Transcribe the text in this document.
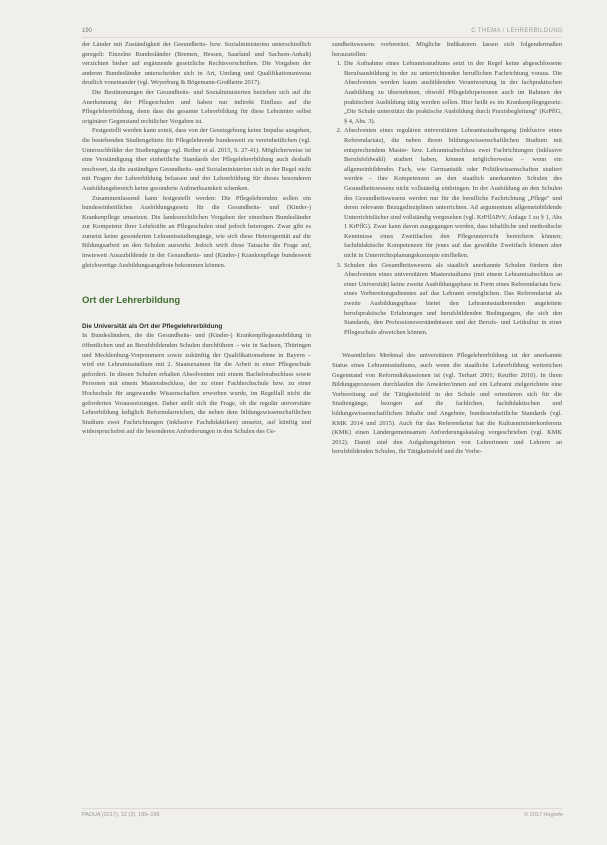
190	C THEMA / LEHRERBILDUNG

der Länder mit Zuständigkeit der Gesundheits- bzw. Sozialministerien unterschiedlich geregelt: Einzelne Bundesländer (Bremen, Hessen, Saarland und Sachsen-Anhalt) verzichten bisher auf ergänzende gesetzliche Rechtsvorschriften. Die Vorgaben der anderen Bundesländer unterscheiden sich in Art, Umfang und Qualifikationsniveau deutlich voneinander (vgl. Weyerburg & Bögemann-Großheim 2017).

Die Bestimmungen der Gesundheits- und Sozialministerien beziehen sich auf die Anerkennung der Pflegeschulen und haben nur indirekt Einfluss auf die Pflegelehrerbildung, denn dass die gesamte Lehrerbildung für diese Lehrämter selbst originärer Gegenstand rechtlicher Vorgaben ist.

Festgestellt werden kann somit, dass von der Gesetzgebung keine Impulse ausgehen, die bestehenden Studiengebiete für Pflegelehrende bundesweit zu vereinheitlichen (vgl. Untersuchbilder der Studiengänge vgl. Reiber et al. 2015, S. 27-41). Möglicherweise ist eine Verständigung über einheitliche Standards der Pflegelehrerbildung auch deshalb erschwert, da die zuständigen Gesundheits- und Sozialministerien sich in der Regel nicht mit Fragen der Lehrerbildung befassen und der Lehrerbildung für dieses besonderen Ausbildungsbereich keine gesonderte Aufmerksamkeit schenken.

Zusammenfassend kann festgestellt werden: Die Pflegelehrenden sollen ein bundeseinheitliches Ausbildungsgesetz für die Gesundheits- und (Kinder-) Krankenpflege umsetzen. Die landesrechtlichen Vorgaben der einzelnen Bundesländer zur Kompetenz ihrer Lehrkräfte an Pflegeschulen sind jedoch heterogen. Zwar gibt es zumeist keine gesonderten Lehramtsstudiengänge, wie sich diese Heterogenität auf die Bildungsarbeit an den Schulen auswirkt. Jedoch wirft diese Tatsache die Frage auf, inwieweit Auszubildende in der Gesundheits- und (Kinder-) Krankenpflege bundesweit gleichwertige Ausbildungsangebote bekommen können.

Ort der Lehrerbildung
Die Universität als Ort der Pflegelehrerbildung

In Bundesländern, die die Gesundheits- und (Kinder-) Krankenpflegeausbildung in öffentlichen und an Berufsbildenden Schulen durchführen – wie in Sachsen, Thüringen und Mecklenburg-Vorpommern sowie zukünftig der Qualifikationsebene in Bayern – wird ein Lehramtsstudium mit 2. Staatsexamen für die Arbeit in einer Pflegeschule gefordert. In diesen Schulen erhalten Absolventen mit einem Bachelorabschluss sowie Personen mit einem Masterabschluss, der zu einer Fachhochschule bzw. zu einer Hochschule für angewandte Wissenschaften erworben wurde, im Regelfall nicht die geforderten Voraussetzungen. Daher stellt sich die Frage, ob die regulär universitäre Lehrerbildung lediglich Reformdarreichen, die neben dem bildungswissenschaftlichen Studium zwei Fachrichtungen (inklusive Fachdidaktiken) umsetzt, auf künftig und widerspruchsfrei auf die besonderen Anforderungen in den Schulen des Ge-

sundheitswesens vorbereitet. Mögliche Indikatoren lassen sich folgendermaßen herausstellen:

1. Die Aufnahme eines Lehramtsstudiums setzt in der Regel keine abgeschlossene Berufsausbildung in der zu unterrichtenden beruflichen Fachrichtung voraus. Die Absolventen werden kaum ausbildenden Verantwortung in der fachpraktischen Ausbildung zu übernehmen, obwohl Pflegelehrpersonen auch im Rahmen der praktischen Ausbildung tätig werden sollen. Hier heißt es im Krankenpflegegesetz: „Die Schule unterstützt die praktische Ausbildung durch Praxisbegleitung" (KrPflG, § 4, Abs. 3).
2. Absolventen eines regulären universitären Lehramtsstudiengang (inklusive eines Referendariats), die neben ihrem bildungswissenschaftlichen Studium mit entsprechendem Master- bzw. Lehramtsabschluss zwei Fachrichtungen (inklusive Berufsfeldwahl) studiert haben, können möglicherweise – wenn ein allgemeinbildendes Fach, wie Germanistik oder Politikwissenschaften studiert werden – ihre Kompetenzen an den staatlich anerkannten Schulen des Gesundheitswesens nicht vollständig einbringen. In der Ausbildung an den Schulen des Gesundheitswesens werden nur für die berufliche Fachrichtung „Pflege" und deren relevante Bezugsdisziplinen unterrichten. Ad argumentum allgemeinbildende Unterrichtsfächer sind vollständig vorgesehen (vgl. KrPflAPrV, Anlage 1 zu § 1, Abs 1 KrPflG). Zwar kann davon ausgegangen werden, dass inhaltliche und methodische Kenntnisse eines Zweitfaches den Pflegeunterricht bereichern können; fachdidaktische Kompetenzen für jenes auf das gewählte Zweitfach können aber nicht in Unterrichtsplanungskonzepte einfließen.
3. Schulen des Gesundheitswesens als staatlich anerkannte Schulen fördern den Absolventen eines universitären Masterstudiums (mit einem Lehramtsabschluss an einer Universität) keine zweite Ausbildungsphase in Form eines Referendariats bzw. eines Vorbereitungsdienstes auf das Lehramt ermöglichen. Das Referendariat als zweite Ausbildungsphase bietet den Lehramtsstudierenden angeleitete berufspraktische Erfahrungen und berufsbildenden Bedingungen, die sich den Standards, den Professionsverständnissen und der Berufs- und Leitkultur in einer Pflegeschule abweichen können.

Wesentliches Merkmal des universitären Pflegelehrerbildung ist der anerkannte Status eines Lehramtsstudiums, auch wenn die staatliche Lehrerbildung weitreichen Gegenstand von Reformdiskussionen ist (vgl. Terhart 2001; Keuffer 2010). In ihren Bildungsprozessen durchlaufen die Anwärter/innen auf ein Lehramt zielgerichtete eine Vorbereitung auf ihr Tätigkeitsfeld in der Schule und orientieren sich für die Studiengänge, bezogen auf die fachlichen, fachdidaktischen und bildungswissenschaftlichen Inhalte und Angebote, bundeseinheitliche Standards (vgl. KMK 2014 und 2015). Auch für das Referendariat hat die Kultusministerkonferenz (KMK) einen Ländergemeinsamen Anforderungskatalog vorgeschrieben (vgl. KMK 2012). Damit sind den Aufgabengebieten von Lehrerinnen und Lehrern an berufsbildenden Schulen, ihr Tätigkeitsfeld und die Vorbe-

PADUA (2017), 12 (3), 189–196	© 2017 Hogrefe
